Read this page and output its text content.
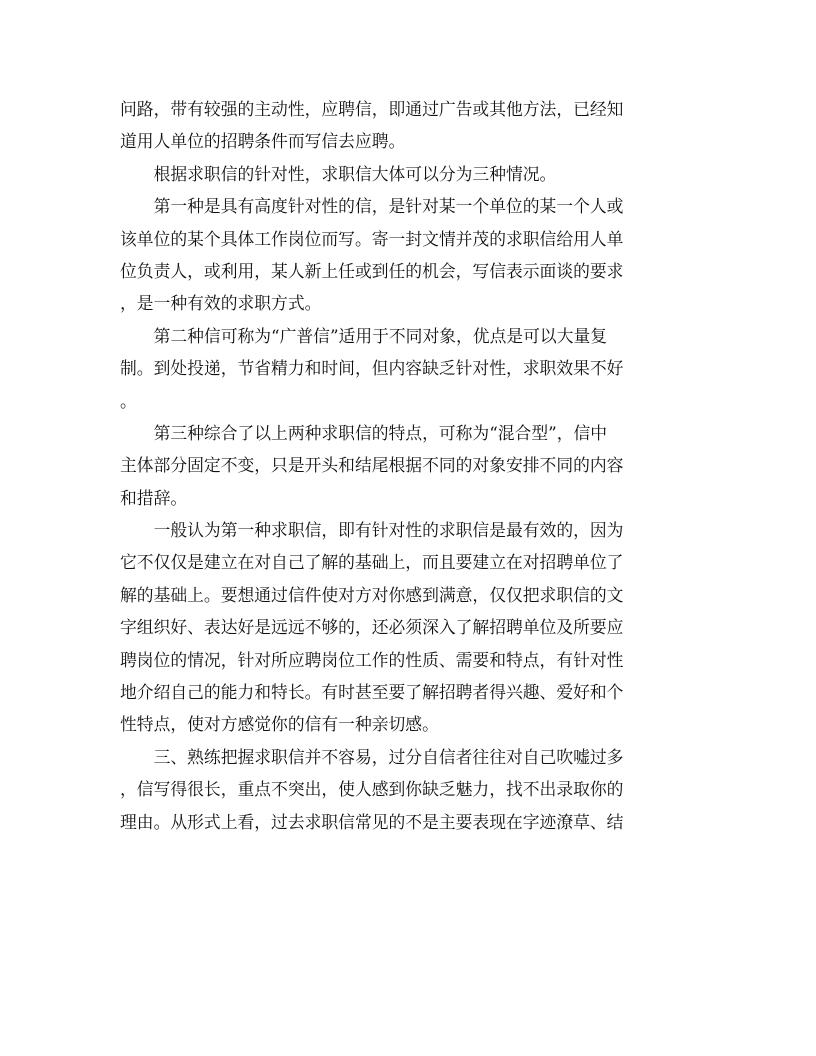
问路，带有较强的主动性，应聘信，即通过广告或其他方法，已经知
道用人单位的招聘条件而写信去应聘。
　　根据求职信的针对性，求职信大体可以分为三种情况。
　　第一种是具有高度针对性的信，是针对某一个单位的某一个人或
该单位的某个具体工作岗位而写。寄一封文情并茂的求职信给用人单
位负责人，或利用，某人新上任或到任的机会，写信表示面谈的要求
，是一种有效的求职方式。
　　第二种信可称为“广普信”适用于不同对象，优点是可以大量复
制。到处投递，节省精力和时间，但内容缺乏针对性，求职效果不好
。
　　第三种综合了以上两种求职信的特点，可称为“混合型”，信中
主体部分固定不变，只是开头和结尾根据不同的对象安排不同的内容
和措辞。
　　一般认为第一种求职信，即有针对性的求职信是最有效的，因为
它不仅仅是建立在对自己了解的基础上，而且要建立在对招聘单位了
解的基础上。要想通过信件使对方对你感到满意，仅仅把求职信的文
字组织好、表达好是远远不够的，还必须深入了解招聘单位及所要应
聘岗位的情况，针对所应聘岗位工作的性质、需要和特点，有针对性
地介绍自己的能力和特长。有时甚至要了解招聘者得兴趣、爱好和个
性特点，使对方感觉你的信有一种亲切感。
　　三、熟练把握求职信并不容易，过分自信者往往对自己吹嘘过多
，信写得很长，重点不突出，使人感到你缺乏魅力，找不出录取你的
理由。从形式上看，过去求职信常见的不是主要表现在字迹潦草、结
